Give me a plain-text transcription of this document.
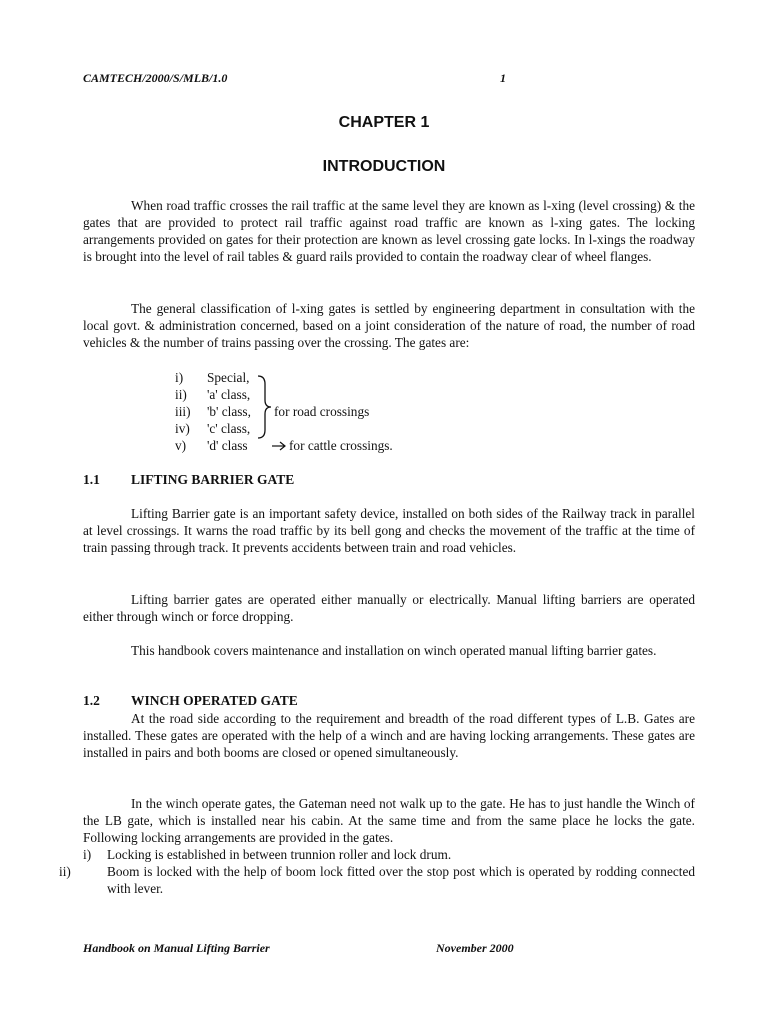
CAMTECH/2000/S/MLB/1.0	1
CHAPTER 1
INTRODUCTION
When road traffic crosses the rail traffic at the same level they are known as l-xing (level crossing) & the gates that are provided to protect rail traffic against road traffic are known as l-xing gates. The locking arrangements provided on gates for their protection are known as level crossing gate locks. In l-xings the roadway is brought into the level of rail tables & guard rails provided to contain the roadway clear of wheel flanges.
The general classification of l-xing gates is settled by engineering department in consultation with the local govt. & administration concerned, based on a joint consideration of the nature of road, the number of road vehicles & the number of trains passing over the crossing. The gates are:
i) Special,
ii) 'a' class,
iii) 'b' class,
iv) 'c' class,
v) 'd' class
for road crossings
for cattle crossings.
1.1 LIFTING BARRIER GATE
Lifting Barrier gate is an important safety device, installed on both sides of the Railway track in parallel at level crossings. It warns the road traffic by its bell gong and checks the movement of the traffic at the time of train passing through track. It prevents accidents between train and road vehicles.
Lifting barrier gates are operated either manually or electrically. Manual lifting barriers are operated either through winch or force dropping.
This handbook covers maintenance and installation on winch operated manual lifting barrier gates.
1.2 WINCH OPERATED GATE
At the road side according to the requirement and breadth of the road different types of L.B. Gates are installed. These gates are operated with the help of a winch and are having locking arrangements. These gates are installed in pairs and both booms are closed or opened simultaneously.
In the winch operate gates, the Gateman need not walk up to the gate. He has to just handle the Winch of the LB gate, which is installed near his cabin. At the same time and from the same place he locks the gate. Following locking arrangements are provided in the gates.
i) Locking is established in between trunnion roller and lock drum.
ii)	Boom is locked with the help of boom lock fitted over the stop post which is operated by rodding connected with lever.
Handbook on Manual Lifting Barrier	November 2000
